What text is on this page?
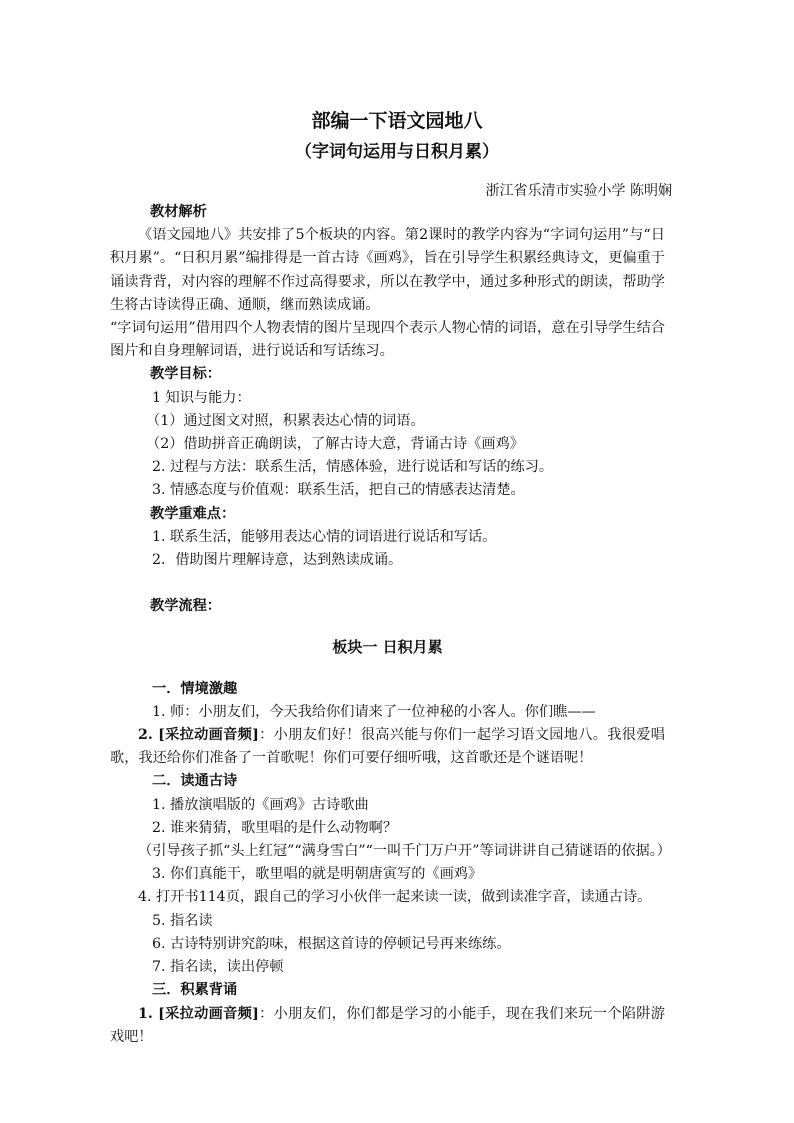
部编一下语文园地八
（字词句运用与日积月累）
浙江省乐清市实验小学 陈明娴

教材解析

《语文园地八》共安排了5个板块的内容。第2课时的教学内容为“字词句运用”与“日积月累”。“日积月累”编排得是一首古诗《画鸡》，旨在引导学生积累经典诗文，更偏重于诵读背背，对内容的理解不作过高得要求，所以在教学中，通过多种形式的朗读，帮助学生将古诗读得正确、通顺，继而熟读成诵。

“字词句运用”借用四个人物表情的图片呈现四个表示人物心情的词语，意在引导学生结合图片和自身理解词语，进行说话和写话练习。

教学目标：

1 知识与能力：

（1）通过图文对照，积累表达心情的词语。

（2）借助拼音正确朗读，了解古诗大意，背诵古诗《画鸡》

2. 过程与方法：联系生活，情感体验，进行说话和写话的练习。

3. 情感态度与价值观：联系生活，把自己的情感表达清楚。

教学重难点：

1. 联系生活，能够用表达心情的词语进行说话和写话。

2．借助图片理解诗意，达到熟读成诵。

教学流程：

板块一 日积月累

一．情境激趣

1. 师：小朋友们，今天我给你们请来了一位神秘的小客人。你们瞧——

2. [采拉动画音频]：小朋友们好！很高兴能与你们一起学习语文园地八。我很爱唱歌，我还给你们准备了一首歌呢！你们可要仔细听哦，这首歌还是个谜语呢！

二．读通古诗

1. 播放演唱版的《画鸡》古诗歌曲

2. 谁来猜猜，歌里唱的是什么动物啊？

（引导孩子抓“头上红冠”“满身雪白”“一叫千门万户开”等词讲讲自己猜谜语的依据。）

3. 你们真能干，歌里唱的就是明朝唐寅写的《画鸡》

4. 打开书114页，跟自己的学习小伙伴一起来读一读，做到读准字音，读通古诗。

5. 指名读

6. 古诗特别讲究韵味，根据这首诗的停顿记号再来练练。

7. 指名读，读出停顿

三．积累背诵

1. [采拉动画音频]：小朋友们，你们都是学习的小能手，现在我们来玩一个陷阱游戏吧！
